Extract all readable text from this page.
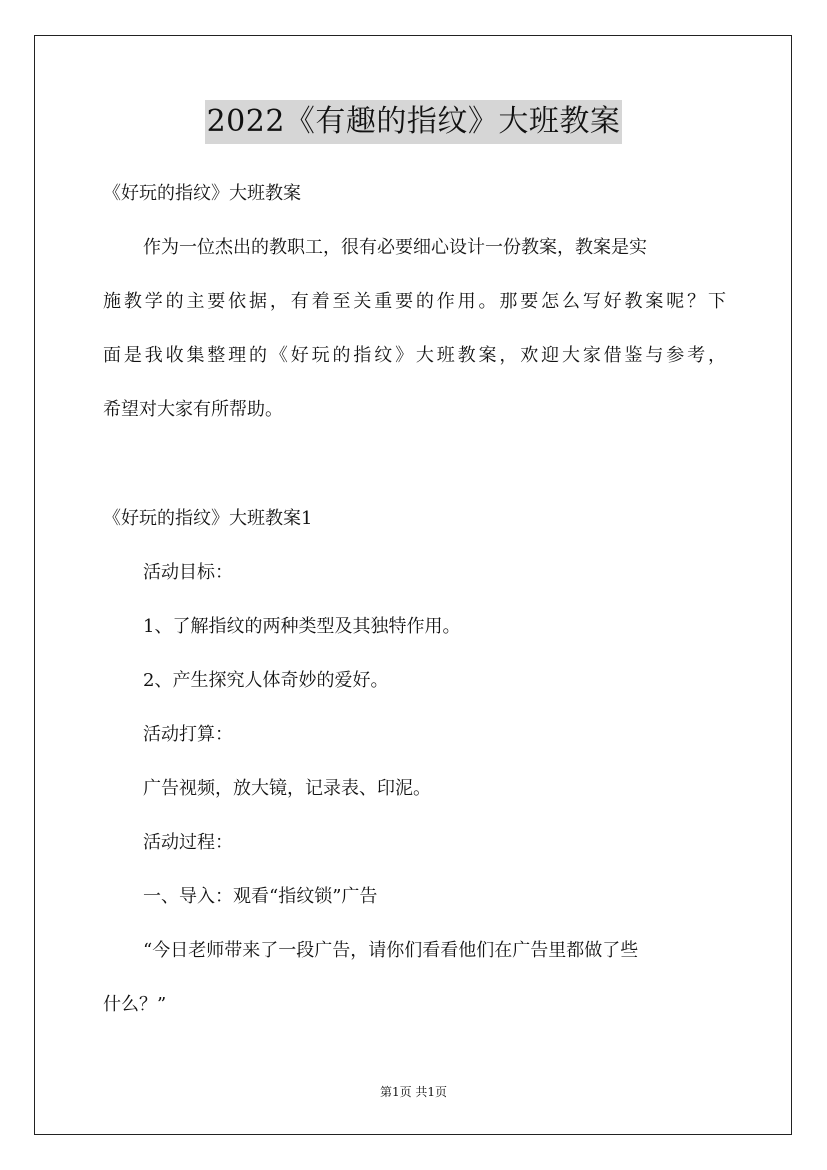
2022《有趣的指纹》大班教案

《好玩的指纹》大班教案

作为一位杰出的教职工，很有必要细心设计一份教案，教案是实

施教学的主要依据，有着至关重要的作用。那要怎么写好教案呢？下

面是我收集整理的《好玩的指纹》大班教案，欢迎大家借鉴与参考，

希望对大家有所帮助。

《好玩的指纹》大班教案1

活动目标：

1、了解指纹的两种类型及其独特作用。

2、产生探究人体奇妙的爱好。

活动打算：

广告视频，放大镜，记录表、印泥。

活动过程：

一、导入：观看“指纹锁”广告

“今日老师带来了一段广告，请你们看看他们在广告里都做了些

什么？”

第1页 共1页
